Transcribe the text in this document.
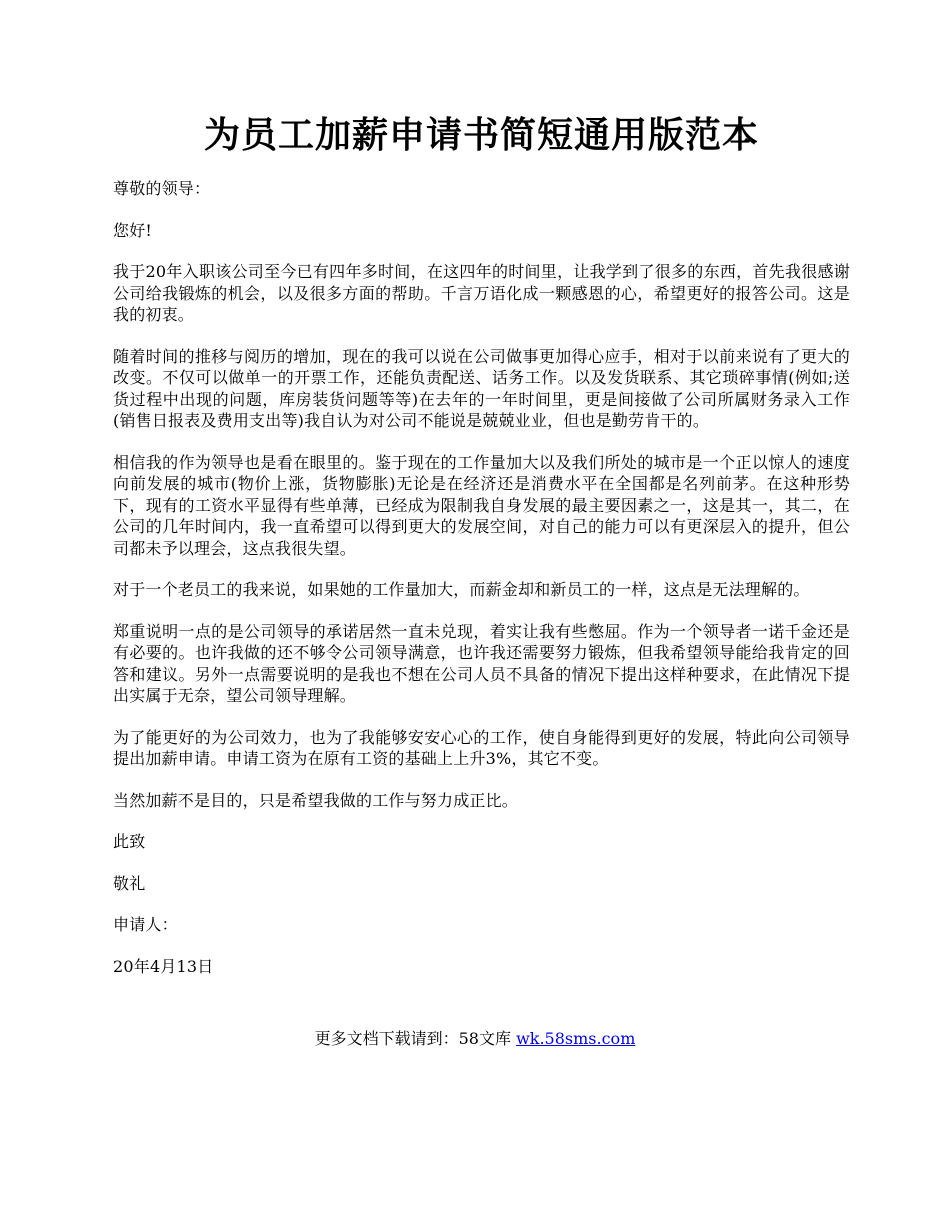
为员工加薪申请书简短通用版范本

尊敬的领导：

您好!

我于20年入职该公司至今已有四年多时间，在这四年的时间里，让我学到了很多的东西，首先我很感谢公司给我锻炼的机会，以及很多方面的帮助。千言万语化成一颗感恩的心，希望更好的报答公司。这是我的初衷。

随着时间的推移与阅历的增加，现在的我可以说在公司做事更加得心应手，相对于以前来说有了更大的改变。不仅可以做单一的开票工作，还能负责配送、话务工作。以及发货联系、其它琐碎事情(例如;送货过程中出现的问题，库房装货问题等等)在去年的一年时间里，更是间接做了公司所属财务录入工作(销售日报表及费用支出等)我自认为对公司不能说是兢兢业业，但也是勤劳肯干的。

相信我的作为领导也是看在眼里的。鉴于现在的工作量加大以及我们所处的城市是一个正以惊人的速度向前发展的城市(物价上涨，货物膨胀)无论是在经济还是消费水平在全国都是名列前茅。在这种形势下，现有的工资水平显得有些单薄，已经成为限制我自身发展的最主要因素之一，这是其一，其二，在公司的几年时间内，我一直希望可以得到更大的发展空间，对自己的能力可以有更深层入的提升，但公司都未予以理会，这点我很失望。

对于一个老员工的我来说，如果她的工作量加大，而薪金却和新员工的一样，这点是无法理解的。

郑重说明一点的是公司领导的承诺居然一直未兑现，着实让我有些憋屈。作为一个领导者一诺千金还是有必要的。也许我做的还不够令公司领导满意，也许我还需要努力锻炼，但我希望领导能给我肯定的回答和建议。另外一点需要说明的是我也不想在公司人员不具备的情况下提出这样种要求，在此情况下提出实属于无奈，望公司领导理解。

为了能更好的为公司效力，也为了我能够安安心心的工作，使自身能得到更好的发展，特此向公司领导提出加薪申请。申请工资为在原有工资的基础上上升3%，其它不变。

当然加薪不是目的，只是希望我做的工作与努力成正比。

此致

敬礼

申请人：

20年4月13日

更多文档下载请到：58文库 wk.58sms.com
